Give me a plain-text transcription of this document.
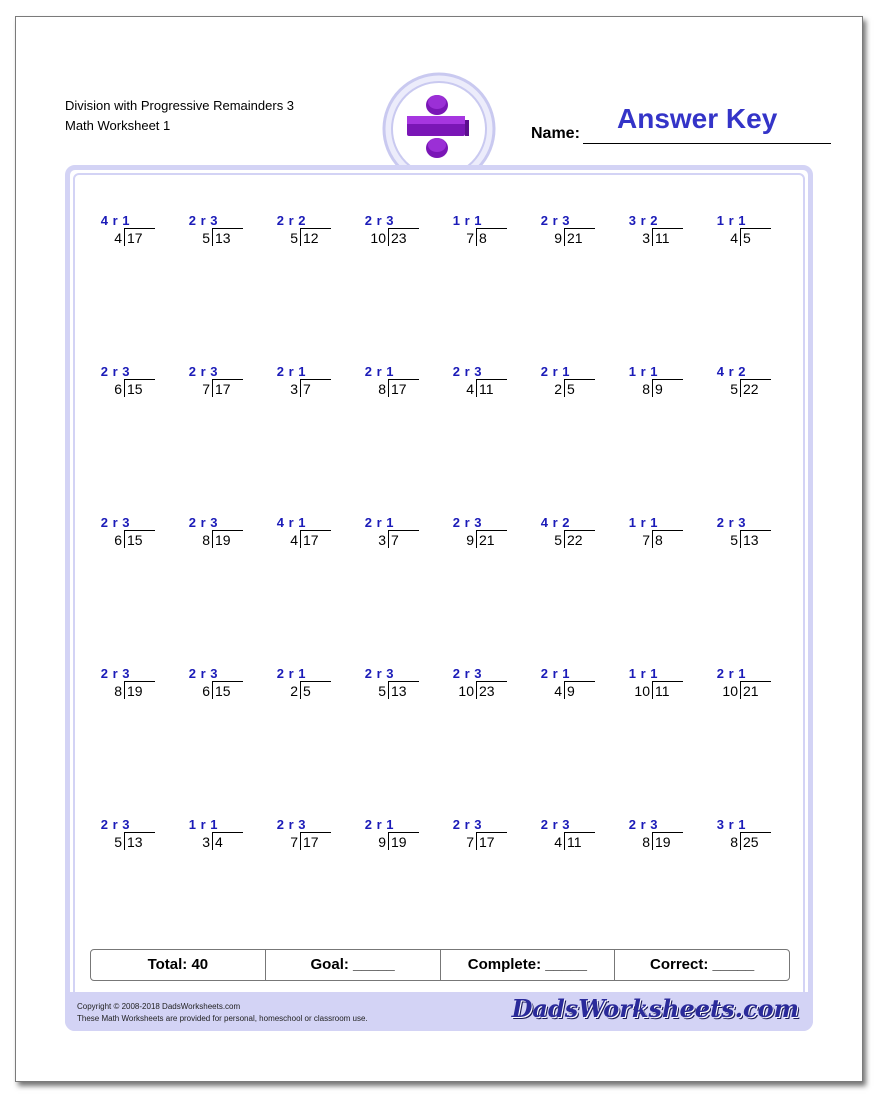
Division with Progressive Remainders 3
Math Worksheet 1	Name: Answer Key
4 r 1
4 17
2 r 3
5 13
2 r 2
5 12
2 r 3
10 23
1 r 1
7 8
2 r 3
9 21
3 r 2
3 11
1 r 1
4 5
2 r 3
6 15
2 r 3
7 17
2 r 1
3 7
2 r 1
8 17
2 r 3
4 11
2 r 1
2 5
1 r 1
8 9
4 r 2
5 22
2 r 3
6 15
2 r 3
8 19
4 r 1
4 17
2 r 1
3 7
2 r 3
9 21
4 r 2
5 22
1 r 1
7 8
2 r 3
5 13
2 r 3
8 19
2 r 3
6 15
2 r 1
2 5
2 r 3
5 13
2 r 3
10 23
2 r 1
4 9
1 r 1
10 11
2 r 1
10 21
2 r 3
5 13
1 r 1
3 4
2 r 3
7 17
2 r 1
9 19
2 r 3
7 17
2 r 3
4 11
2 r 3
8 19
3 r 1
8 25
Total: 40	Goal: _____	Complete: _____	Correct: _____
Copyright © 2008-2018 DadsWorksheets.com
These Math Worksheets are provided for personal, homeschool or classroom use.	DadsWorksheets.com
